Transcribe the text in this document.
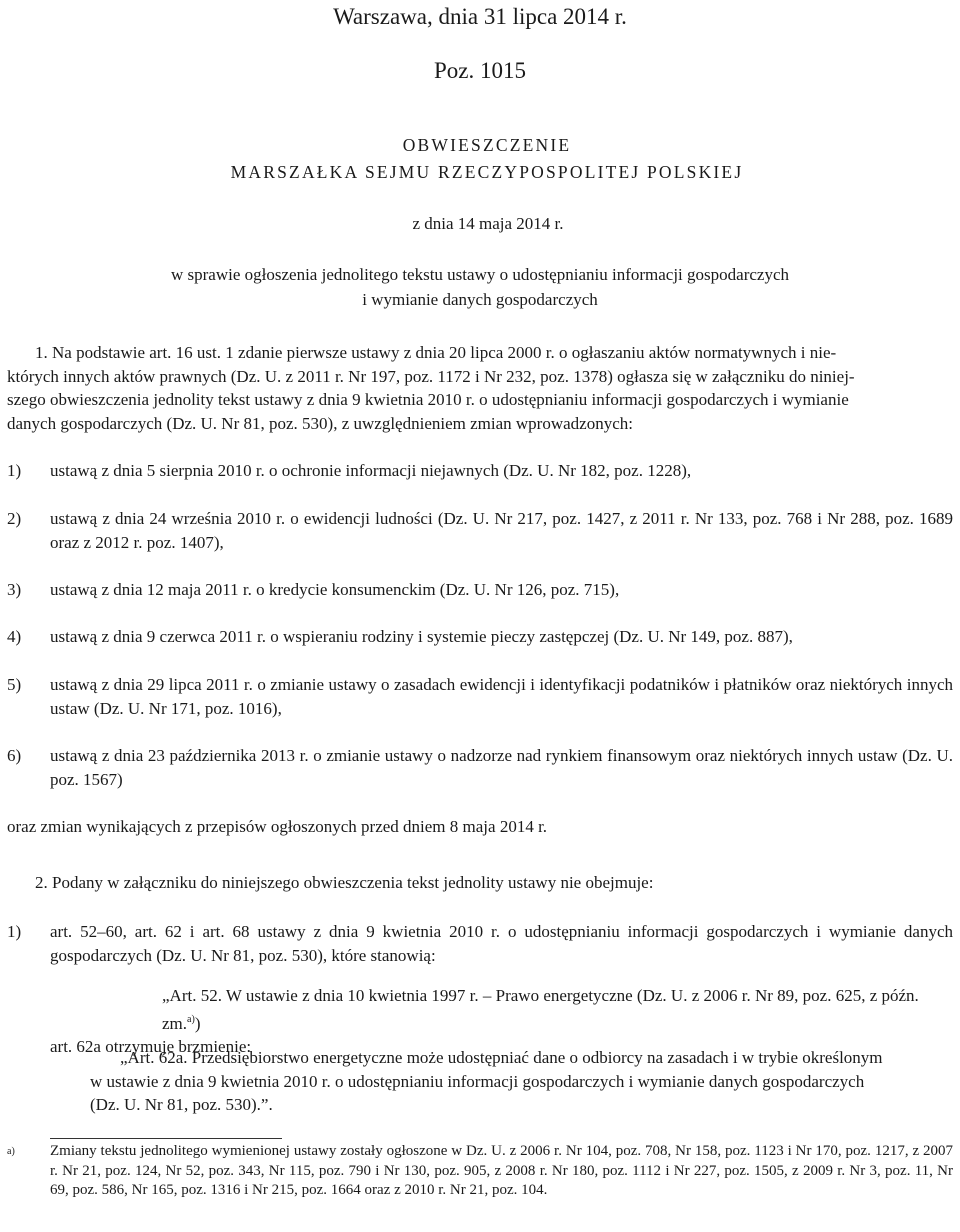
Warszawa, dnia 31 lipca 2014 r.
Poz. 1015
OBWIESZCZENIE
MARSZAŁKA SEJMU RZECZYPOSPOLITEJ POLSKIEJ
z dnia 14 maja 2014 r.
w sprawie ogłoszenia jednolitego tekstu ustawy o udostępnianiu informacji gospodarczych
i wymianie danych gospodarczych
1. Na podstawie art. 16 ust. 1 zdanie pierwsze ustawy z dnia 20 lipca 2000 r. o ogłaszaniu aktów normatywnych i nie-
których innych aktów prawnych (Dz. U. z 2011 r. Nr 197, poz. 1172 i Nr 232, poz. 1378) ogłasza się w załączniku do niniej-
szego obwieszczenia jednolity tekst ustawy z dnia 9 kwietnia 2010 r. o udostępnianiu informacji gospodarczych i wymianie
danych gospodarczych (Dz. U. Nr 81, poz. 530), z uwzględnieniem zmian wprowadzonych:
1) ustawą z dnia 5 sierpnia 2010 r. o ochronie informacji niejawnych (Dz. U. Nr 182, poz. 1228),
2) ustawą z dnia 24 września 2010 r. o ewidencji ludności (Dz. U. Nr 217, poz. 1427, z 2011 r. Nr 133, poz. 768 i Nr 288, poz. 1689 oraz z 2012 r. poz. 1407),
3) ustawą z dnia 12 maja 2011 r. o kredycie konsumenckim (Dz. U. Nr 126, poz. 715),
4) ustawą z dnia 9 czerwca 2011 r. o wspieraniu rodziny i systemie pieczy zastępczej (Dz. U. Nr 149, poz. 887),
5) ustawą z dnia 29 lipca 2011 r. o zmianie ustawy o zasadach ewidencji i identyfikacji podatników i płatników oraz niektórych innych ustaw (Dz. U. Nr 171, poz. 1016),
6) ustawą z dnia 23 października 2013 r. o zmianie ustawy o nadzorze nad rynkiem finansowym oraz niektórych innych ustaw (Dz. U. poz. 1567)
oraz zmian wynikających z przepisów ogłoszonych przed dniem 8 maja 2014 r.
2. Podany w załączniku do niniejszego obwieszczenia tekst jednolity ustawy nie obejmuje:
1) art. 52–60, art. 62 i art. 68 ustawy z dnia 9 kwietnia 2010 r. o udostępnianiu informacji gospodarczych i wymianie danych gospodarczych (Dz. U. Nr 81, poz. 530), które stanowią:
„Art. 52. W ustawie z dnia 10 kwietnia 1997 r. – Prawo energetyczne (Dz. U. z 2006 r. Nr 89, poz. 625, z późn. zm.$^{a)}$)
art. 62a otrzymuje brzmienie:
„Art. 62a. Przedsiębiorstwo energetyczne może udostępniać dane o odbiorcy na zasadach i w trybie określonym
w ustawie z dnia 9 kwietnia 2010 r. o udostępnianiu informacji gospodarczych i wymianie danych gospodarczych
(Dz. U. Nr 81, poz. 530).”.
a) Zmiany tekstu jednolitego wymienionej ustawy zostały ogłoszone w Dz. U. z 2006 r. Nr 104, poz. 708, Nr 158, poz. 1123 i Nr 170, poz. 1217, z 2007 r. Nr 21, poz. 124, Nr 52, poz. 343, Nr 115, poz. 790 i Nr 130, poz. 905, z 2008 r. Nr 180, poz. 1112 i Nr 227, poz. 1505, z 2009 r. Nr 3, poz. 11, Nr 69, poz. 586, Nr 165, poz. 1316 i Nr 215, poz. 1664 oraz z 2010 r. Nr 21, poz. 104.
